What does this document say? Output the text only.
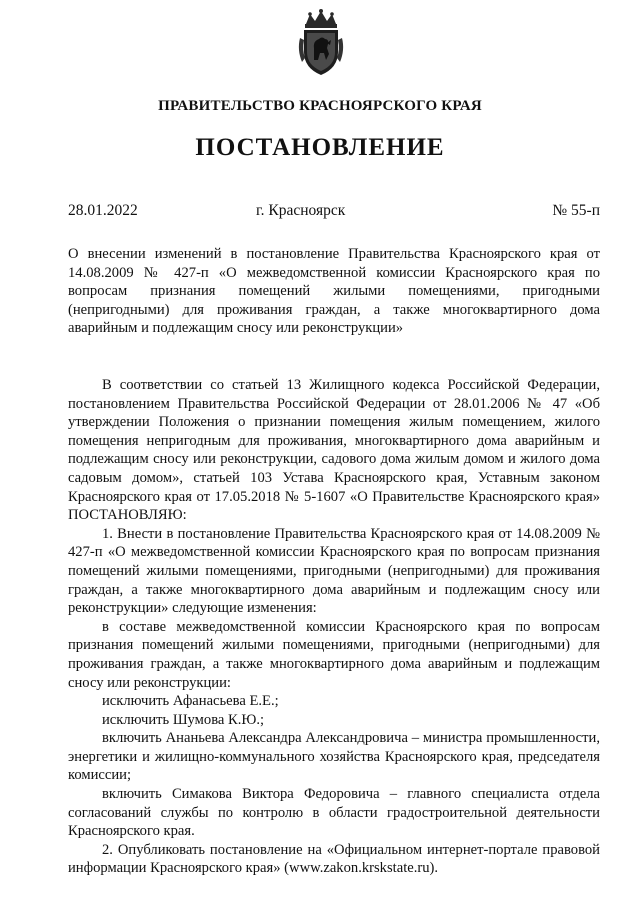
ПРАВИТЕЛЬСТВО КРАСНОЯРСКОГО КРАЯ
ПОСТАНОВЛЕНИЕ
28.01.2022	г. Красноярск	№ 55-п
О внесении изменений в постановление Правительства Красноярского края от 14.08.2009 № 427-п «О межведомственной комиссии Красноярского края по вопросам признания помещений жилыми помещениями, пригодными (непригодными) для проживания граждан, а также многоквартирного дома аварийным и подлежащим сносу или реконструкции»

В соответствии со статьей 13 Жилищного кодекса Российской Федерации, постановлением Правительства Российской Федерации от 28.01.2006 № 47 «Об утверждении Положения о признании помещения жилым помещением, жилого помещения непригодным для проживания, многоквартирного дома аварийным и подлежащим сносу или реконструкции, садового дома жилым домом и жилого дома садовым домом», статьей 103 Устава Красноярского края, Уставным законом Красноярского края от 17.05.2018 № 5-1607 «О Правительстве Красноярского края» ПОСТАНОВЛЯЮ:

1. Внести в постановление Правительства Красноярского края от 14.08.2009 № 427-п «О межведомственной комиссии Красноярского края по вопросам признания помещений жилыми помещениями, пригодными (непригодными) для проживания граждан, а также многоквартирного дома аварийным и подлежащим сносу или реконструкции» следующие изменения:

в составе межведомственной комиссии Красноярского края по вопросам признания помещений жилыми помещениями, пригодными (непригодными) для проживания граждан, а также многоквартирного дома аварийным и подлежащим сносу или реконструкции:

исключить Афанасьева Е.Е.;

исключить Шумова К.Ю.;

включить Ананьева Александра Александровича – министра промышленности, энергетики и жилищно-коммунального хозяйства Красноярского края, председателя комиссии;

включить Симакова Виктора Федоровича – главного специалиста отдела согласований службы по контролю в области градостроительной деятельности Красноярского края.

2. Опубликовать постановление на «Официальном интернет-портале правовой информации Красноярского края» (www.zakon.krskstate.ru).
